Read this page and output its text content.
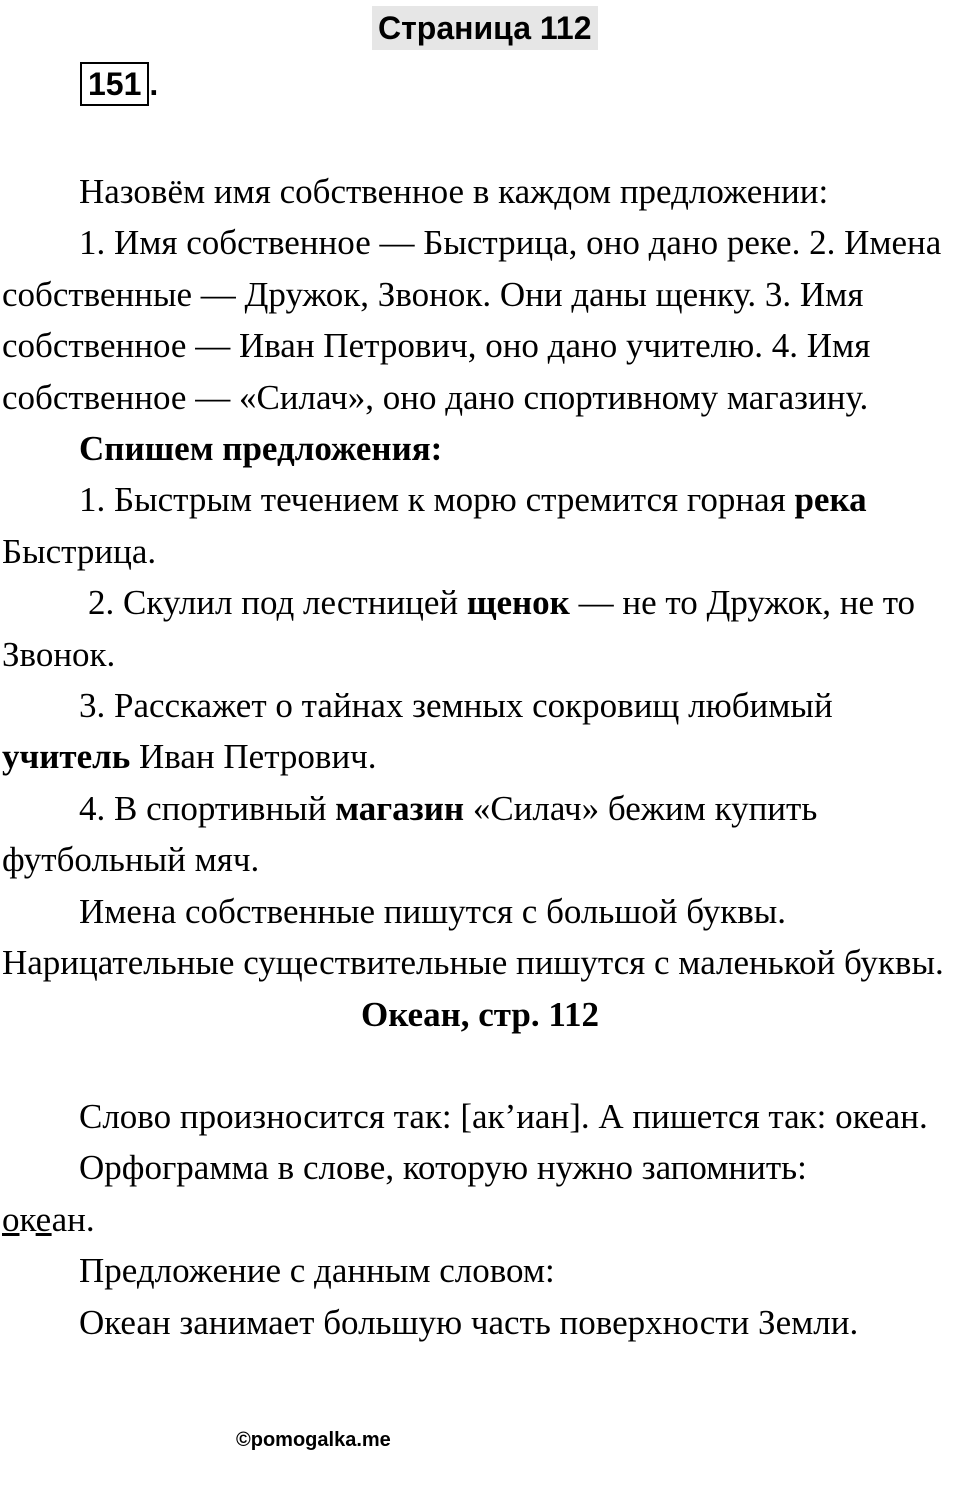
Страница 112
151 .

Назовём имя собственное в каждом предложении:

1. Имя собственное — Быстрица, оно дано реке. 2. Имена собственные — Дружок, Звонок. Они даны щенку. 3. Имя собственное — Иван Петрович, оно дано учителю. 4. Имя собственное — «Силач», оно дано спортивному магазину.

Спишем предложения:

1. Быстрым течением к морю стремится горная река Быстрица.

2. Скулил под лестницей щенок — не то Дружок, не то Звонок.

3. Расскажет о тайнах земных сокровищ любимый учитель Иван Петрович.

4. В спортивный магазин «Силач» бежим купить футбольный мяч.

Имена собственные пишутся с большой буквы.

Нарицательные существительные пишутся с маленькой буквы.

Океан, стр. 112

Слово произносится так: [ак’иан]. А пишется так: океан.

Орфограмма в слове, которую нужно запомнить:

океан.

Предложение с данным словом:

Океан занимает большую часть поверхности Земли.

©pomogalka.me
